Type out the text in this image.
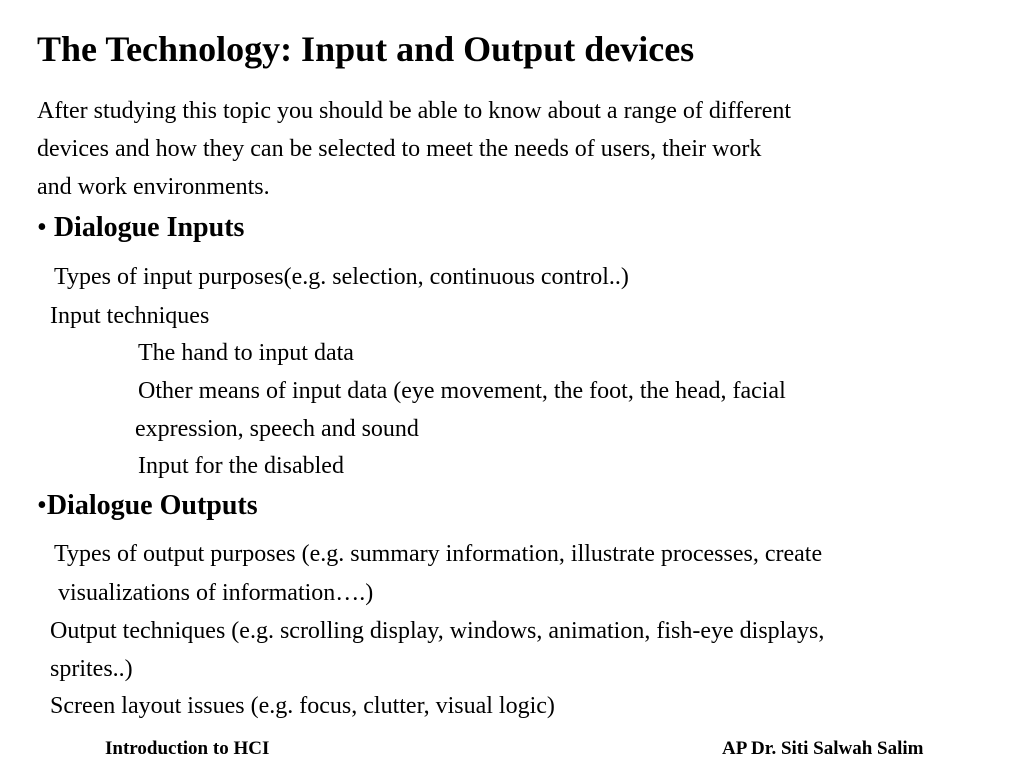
The Technology: Input and Output devices
After studying this topic you should be able to know about a range of different
devices and how they can be selected to meet the needs of users, their work
and work environments.
• Dialogue Inputs
Types of input purposes(e.g. selection, continuous control..)
Input techniques
The hand to input data
Other means of input data (eye movement, the foot, the head, facial
expression, speech and sound
Input for the disabled
•Dialogue Outputs
Types of output purposes (e.g. summary information, illustrate processes, create
visualizations of information….)
Output techniques (e.g. scrolling display, windows, animation, fish-eye displays,
sprites..)
Screen layout issues (e.g. focus, clutter, visual logic)
Introduction to HCI	AP Dr. Siti Salwah Salim
